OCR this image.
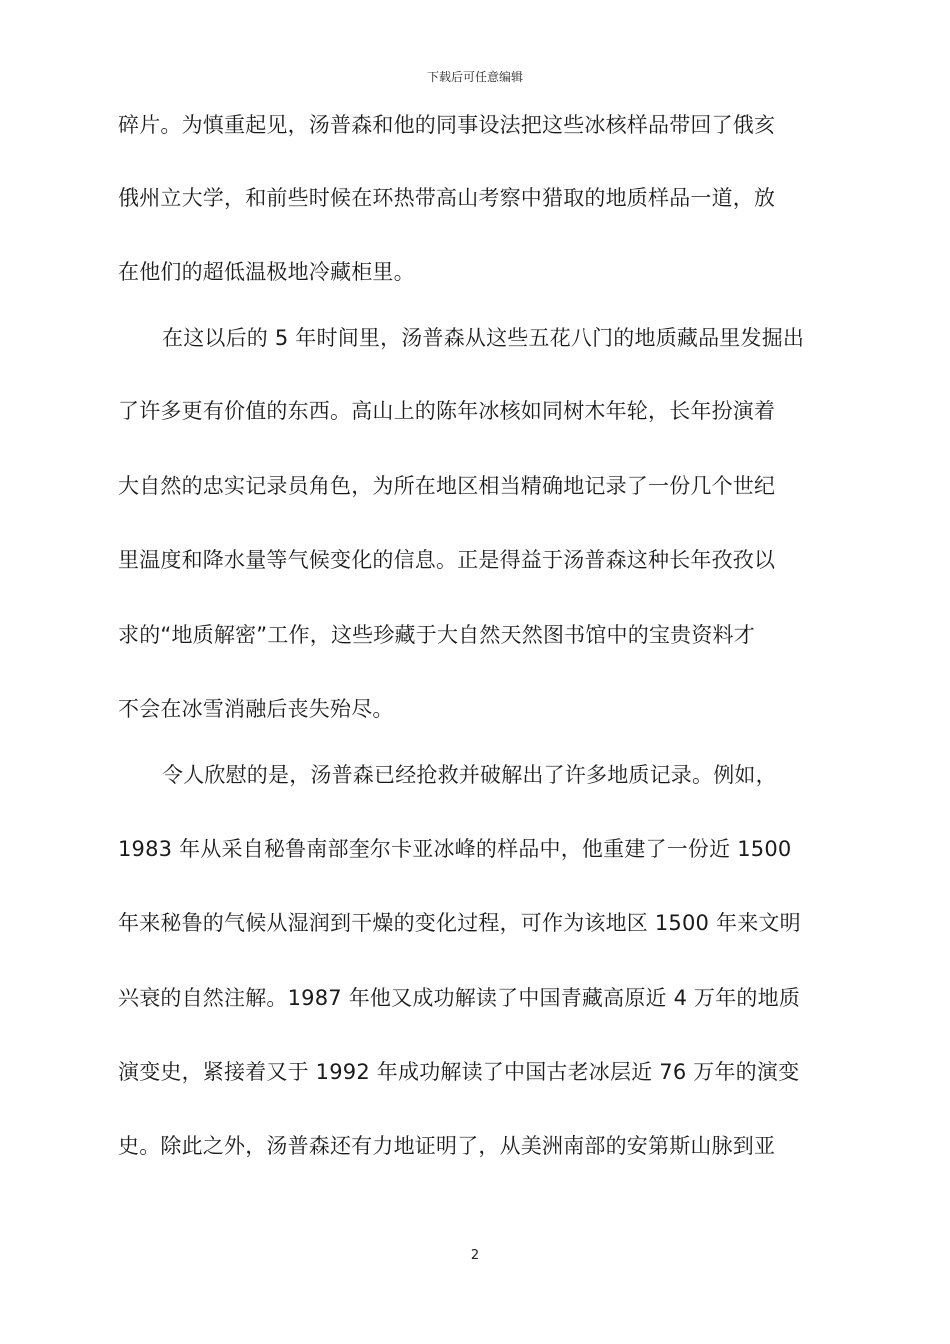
下载后可任意编辑
碎片。为慎重起见，汤普森和他的同事设法把这些冰核样品带回了俄亥
俄州立大学，和前些时候在环热带高山考察中猎取的地质样品一道，放
在他们的超低温极地冷藏柜里。
在这以后的 5 年时间里，汤普森从这些五花八门的地质藏品里发掘出
了许多更有价值的东西。高山上的陈年冰核如同树木年轮，长年扮演着
大自然的忠实记录员角色，为所在地区相当精确地记录了一份几个世纪
里温度和降水量等气候变化的信息。正是得益于汤普森这种长年孜孜以
求的“地质解密”工作，这些珍藏于大自然天然图书馆中的宝贵资料才
不会在冰雪消融后丧失殆尽。
令人欣慰的是，汤普森已经抢救并破解出了许多地质记录。例如，
1983 年从采自秘鲁南部奎尔卡亚冰峰的样品中，他重建了一份近 1500
年来秘鲁的气候从湿润到干燥的变化过程，可作为该地区 1500 年来文明
兴衰的自然注解。1987 年他又成功解读了中国青藏高原近 4 万年的地质
演变史，紧接着又于 1992 年成功解读了中国古老冰层近 76 万年的演变
史。除此之外，汤普森还有力地证明了，从美洲南部的安第斯山脉到亚
2
